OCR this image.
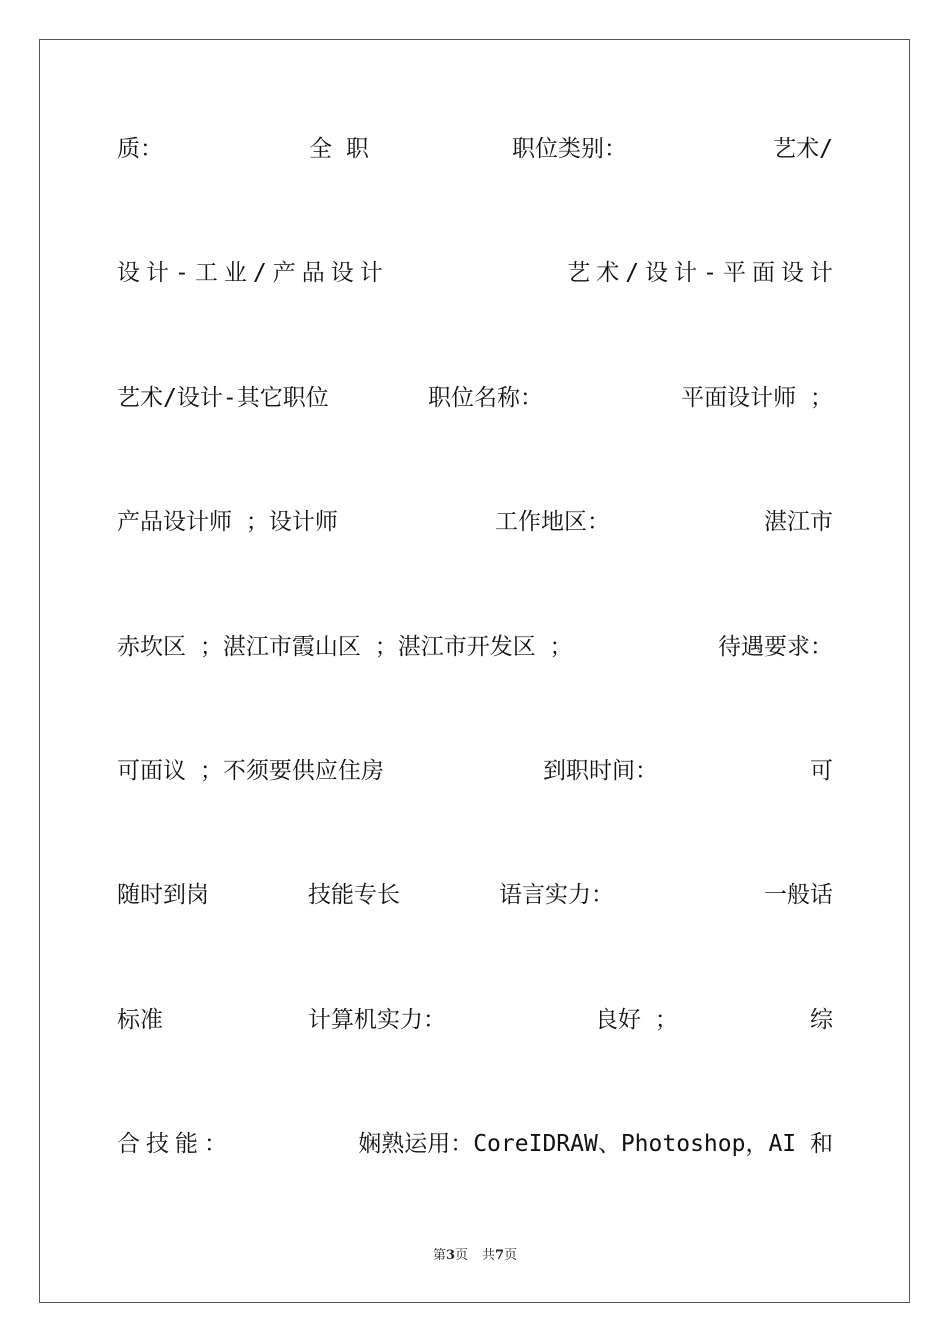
质：	全 职	职位类别：	艺术/
设计-工业/产品设计	艺术/设计-平面设计
艺术/设计-其它职位	职位名称：	平面设计师 ；
产品设计师 ；设计师	工作地区：	湛江市
赤坎区 ；湛江市霞山区 ；湛江市开发区 ；	待遇要求：
可面议 ；不须要供应住房	到职时间：	可
随时到岗	技能专长	语言实力：	一般话
标准	计算机实力：	良好 ；	综
合技能：	娴熟运用：CoreIDRAW、Photoshop，AI 和
第3页 共7页
